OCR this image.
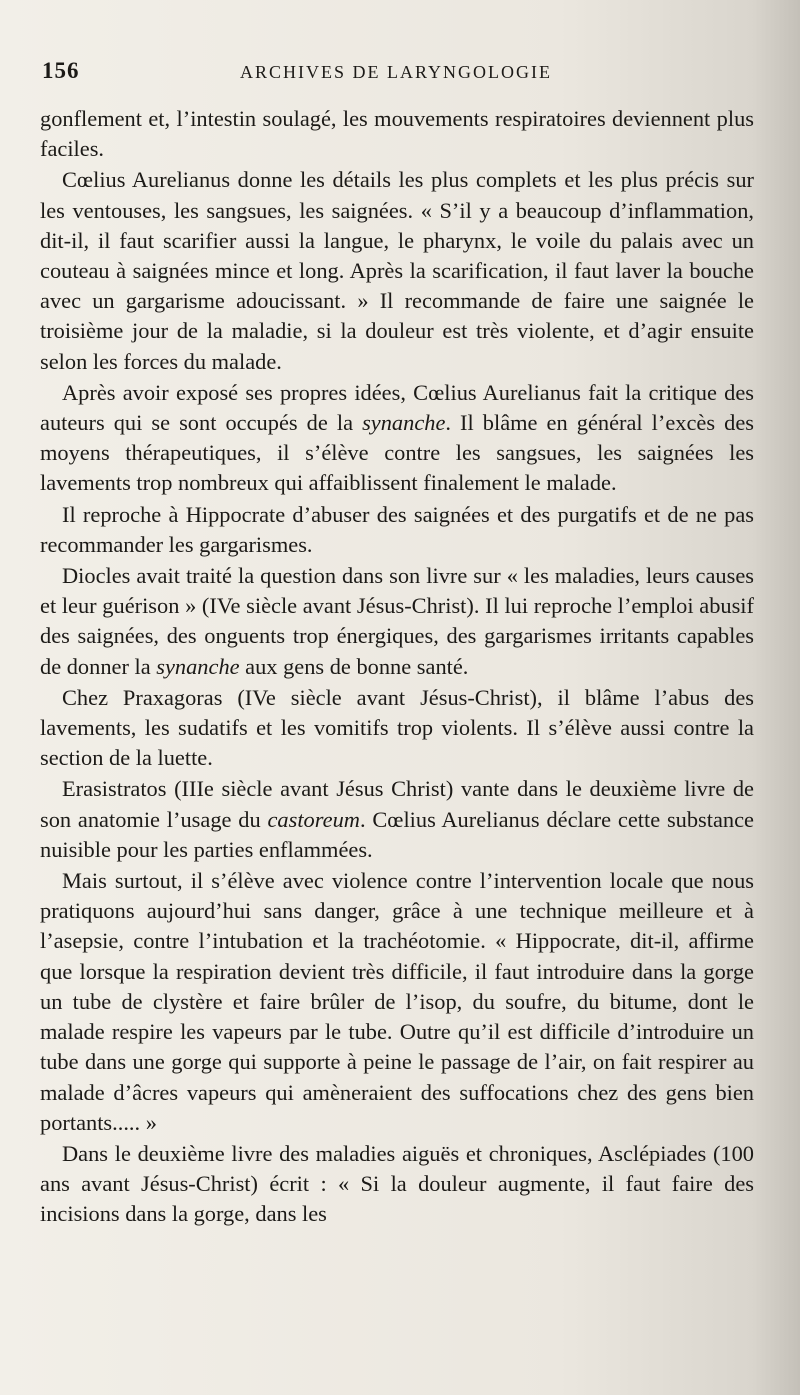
156	ARCHIVES DE LARYNGOLOGIE

gonflement et, l’intestin soulagé, les mouvements respiratoires deviennent plus faciles.

Cœlius Aurelianus donne les détails les plus complets et les plus précis sur les ventouses, les sangsues, les saignées. « S’il y a beaucoup d’inflammation, dit-il, il faut scarifier aussi la langue, le pharynx, le voile du palais avec un couteau à saignées mince et long. Après la scarification, il faut laver la bouche avec un gargarisme adoucissant. » Il recommande de faire une saignée le troisième jour de la maladie, si la douleur est très violente, et d’agir ensuite selon les forces du malade.

Après avoir exposé ses propres idées, Cœlius Aurelianus fait la critique des auteurs qui se sont occupés de la synanche. Il blâme en général l’excès des moyens thérapeutiques, il s’élève contre les sangsues, les saignées les lavements trop nombreux qui affaiblissent finalement le malade.

Il reproche à Hippocrate d’abuser des saignées et des purgatifs et de ne pas recommander les gargarismes.

Diocles avait traité la question dans son livre sur « les maladies, leurs causes et leur guérison » (IVe siècle avant Jésus-Christ). Il lui reproche l’emploi abusif des saignées, des onguents trop énergiques, des gargarismes irritants capables de donner la synanche aux gens de bonne santé.

Chez Praxagoras (IVe siècle avant Jésus-Christ), il blâme l’abus des lavements, les sudatifs et les vomitifs trop violents. Il s’élève aussi contre la section de la luette.

Erasistratos (IIIe siècle avant Jésus Christ) vante dans le deuxième livre de son anatomie l’usage du castoreum. Cœlius Aurelianus déclare cette substance nuisible pour les parties enflammées.

Mais surtout, il s’élève avec violence contre l’intervention locale que nous pratiquons aujourd’hui sans danger, grâce à une technique meilleure et à l’asepsie, contre l’intubation et la trachéotomie. « Hippocrate, dit-il, affirme que lorsque la respiration devient très difficile, il faut introduire dans la gorge un tube de clystère et faire brûler de l’isop, du soufre, du bitume, dont le malade respire les vapeurs par le tube. Outre qu’il est difficile d’introduire un tube dans une gorge qui supporte à peine le passage de l’air, on fait respirer au malade d’âcres vapeurs qui amèneraient des suffocations chez des gens bien portants..... »

Dans le deuxième livre des maladies aiguës et chroniques, Asclépiades (100 ans avant Jésus-Christ) écrit : « Si la douleur augmente, il faut faire des incisions dans la gorge, dans les
